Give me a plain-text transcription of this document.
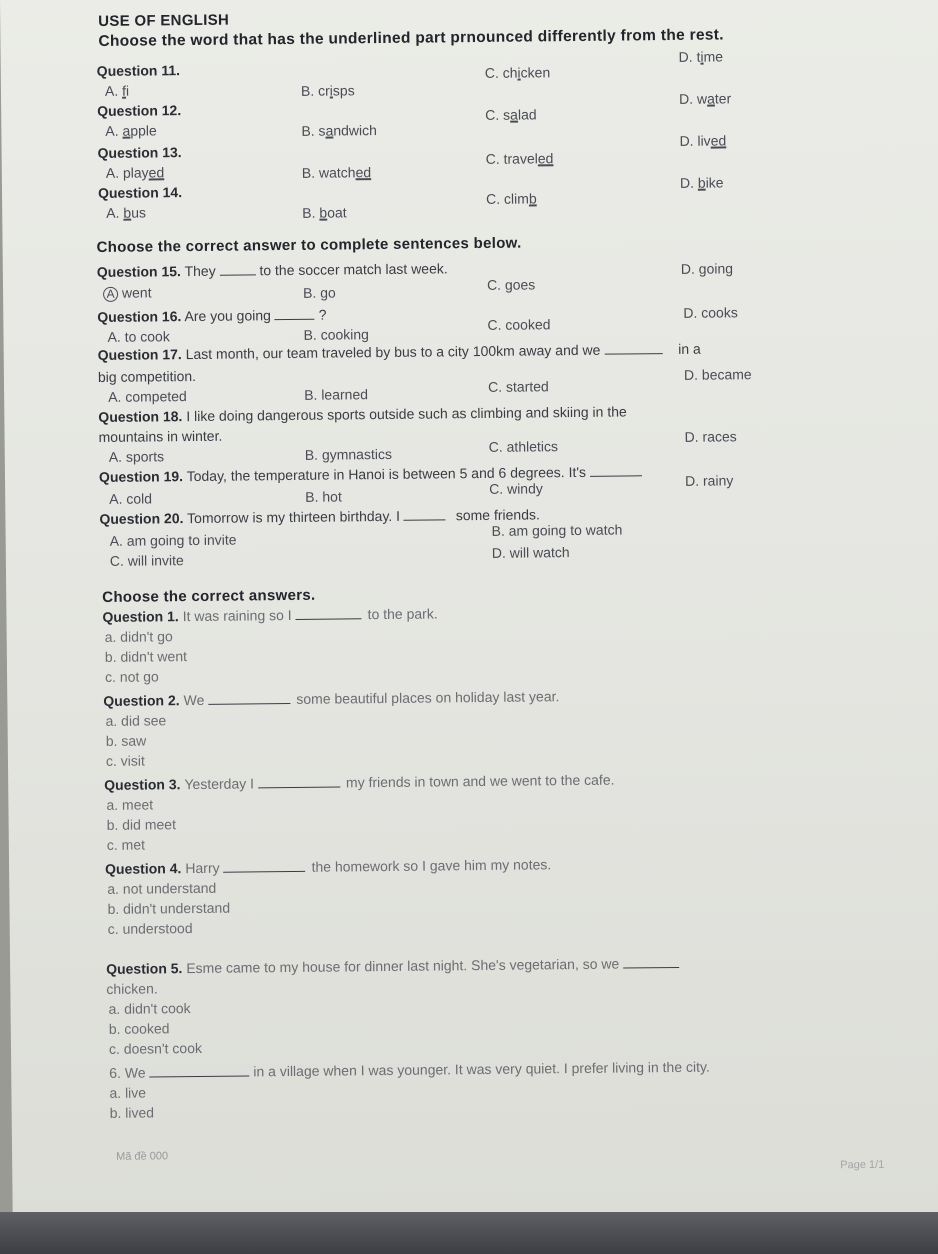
USE OF ENGLISH
Choose the word that has the underlined part prnounced differently from the rest.
Question 11.
A. fi	B. crisps
C. chicken
D. time
Question 12.
A. apple	B. sandwich
C. salad
D. water
Question 13.
A. played	B. watched
C. traveled
D. lived
Question 14.
A. bus	B. boat
C. climb
D. bike
Choose the correct answer to complete sentences below.
Question 15. They	to the soccer match last week.
A went	B. go	C. goes
D. going
Question 16. Are you going	?
A. to cook	B. cooking
C. cooked
D. cooks
Question 17. Last month, our team traveled by bus to a city 100km away and we	in a
big competition.
A. competed	B. learned	C. started
D. became
Question 18. I like doing dangerous sports outside such as climbing and skiing in the
mountains in winter.
A. sports	B. gymnastics	C. athletics
D. races
Question 19. Today, the temperature in Hanoi is between 5 and 6 degrees. It's
A. cold	B. hot	C. windy	D. rainy
Question 20. Tomorrow is my thirteen birthday. I	some friends.
A. am going to invite
B. am going to watch
C. will invite	D. will watch
Choose the correct answers.
Question 1. It was raining so I	to the park.
a. didn't go
b. didn't went
c. not go
Question 2. We	some beautiful places on holiday last year.
a. did see
b. saw
c. visit
Question 3. Yesterday I	my friends in town and we went to the cafe.
a. meet
b. did meet
c. met
Question 4. Harry	the homework so I gave him my notes.
a. not understand
b. didn't understand
c. understood
Question 5. Esme came to my house for dinner last night. She's vegetarian, so we
chicken.
a. didn't cook
b. cooked
c. doesn't cook
6. We	in a village when I was younger. It was very quiet. I prefer living in the city.
a. live
b. lived
Mã đề 000
Page 1/1
